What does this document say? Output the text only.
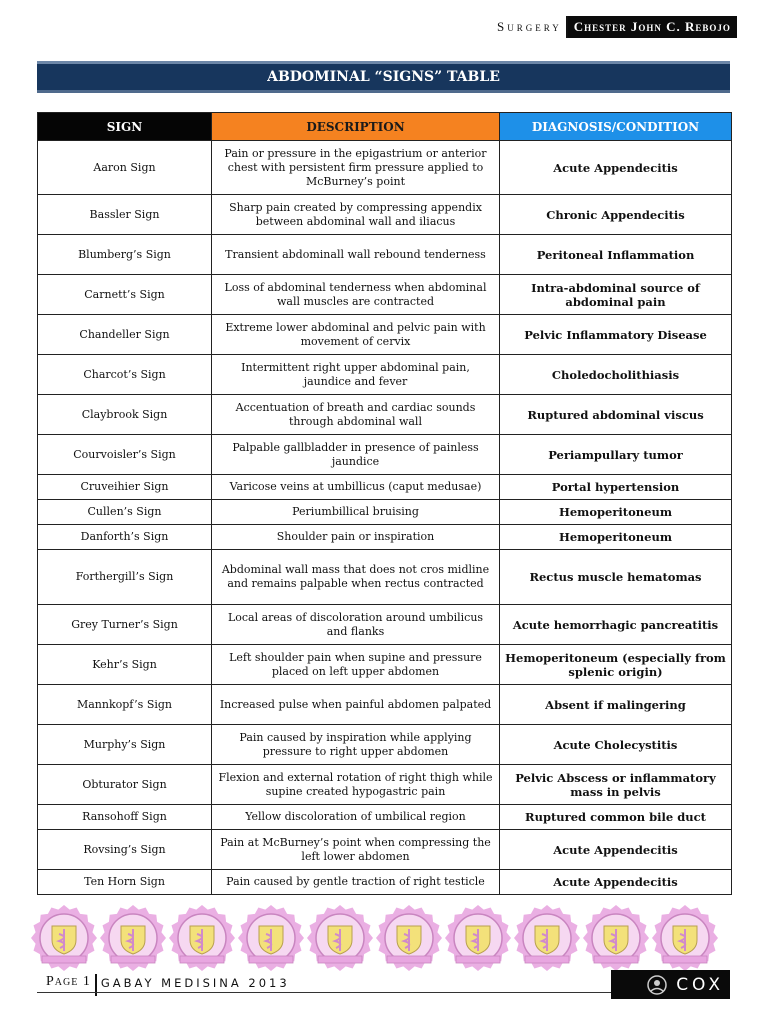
Surgery Chester John C. Rebojo
ABDOMINAL “SIGNS” TABLE
SIGN	DESCRIPTION	DIAGNOSIS/CONDITION
Aaron Sign	Pain or pressure in the epigastrium or anterior chest with persistent firm pressure applied to McBurney’s point	Acute Appendecitis
Bassler Sign	Sharp pain created by compressing appendix between abdominal wall and iliacus	Chronic Appendecitis
Blumberg’s Sign	Transient abdominall wall rebound tenderness	Peritoneal Inflammation
Carnett’s Sign	Loss of abdominal tenderness when abdominal wall muscles are contracted	Intra-abdominal source of abdominal pain
Chandeller Sign	Extreme lower abdominal and pelvic pain with movement of cervix	Pelvic Inflammatory Disease
Charcot’s Sign	Intermittent right upper abdominal pain, jaundice and fever	Choledocholithiasis
Claybrook Sign	Accentuation of breath and cardiac sounds through abdominal wall	Ruptured abdominal viscus
Courvoisler’s Sign	Palpable gallbladder in presence of painless jaundice	Periampullary tumor
Cruveihier Sign	Varicose veins at umbillicus (caput medusae)	Portal hypertension
Cullen’s Sign	Periumbillical bruising	Hemoperitoneum
Danforth’s Sign	Shoulder pain or inspiration	Hemoperitoneum
Forthergill’s Sign	Abdominal wall mass that does not cros midline and remains palpable when rectus contracted	Rectus muscle hematomas
Grey Turner’s Sign	Local areas of discoloration around umbilicus and flanks	Acute hemorrhagic pancreatitis
Kehr’s Sign	Left shoulder pain when supine and pressure placed on left upper abdomen	Hemoperitoneum (especially from splenic origin)
Mannkopf’s Sign	Increased pulse when painful abdomen palpated	Absent if malingering
Murphy’s Sign	Pain caused by inspiration while applying pressure to right upper abdomen	Acute Cholecystitis
Obturator Sign	Flexion and external rotation of right thigh while supine created hypogastric pain	Pelvic Abscess or inflammatory mass in pelvis
Ransohoff Sign	Yellow discoloration of umbilical region	Ruptured common bile duct
Rovsing’s Sign	Pain at McBurney’s point when compressing the left lower abdomen	Acute Appendecitis
Ten Horn Sign	Pain caused by gentle traction of right testicle	Acute Appendecitis
Page 1 GABAY MEDISINA 2013	COX
